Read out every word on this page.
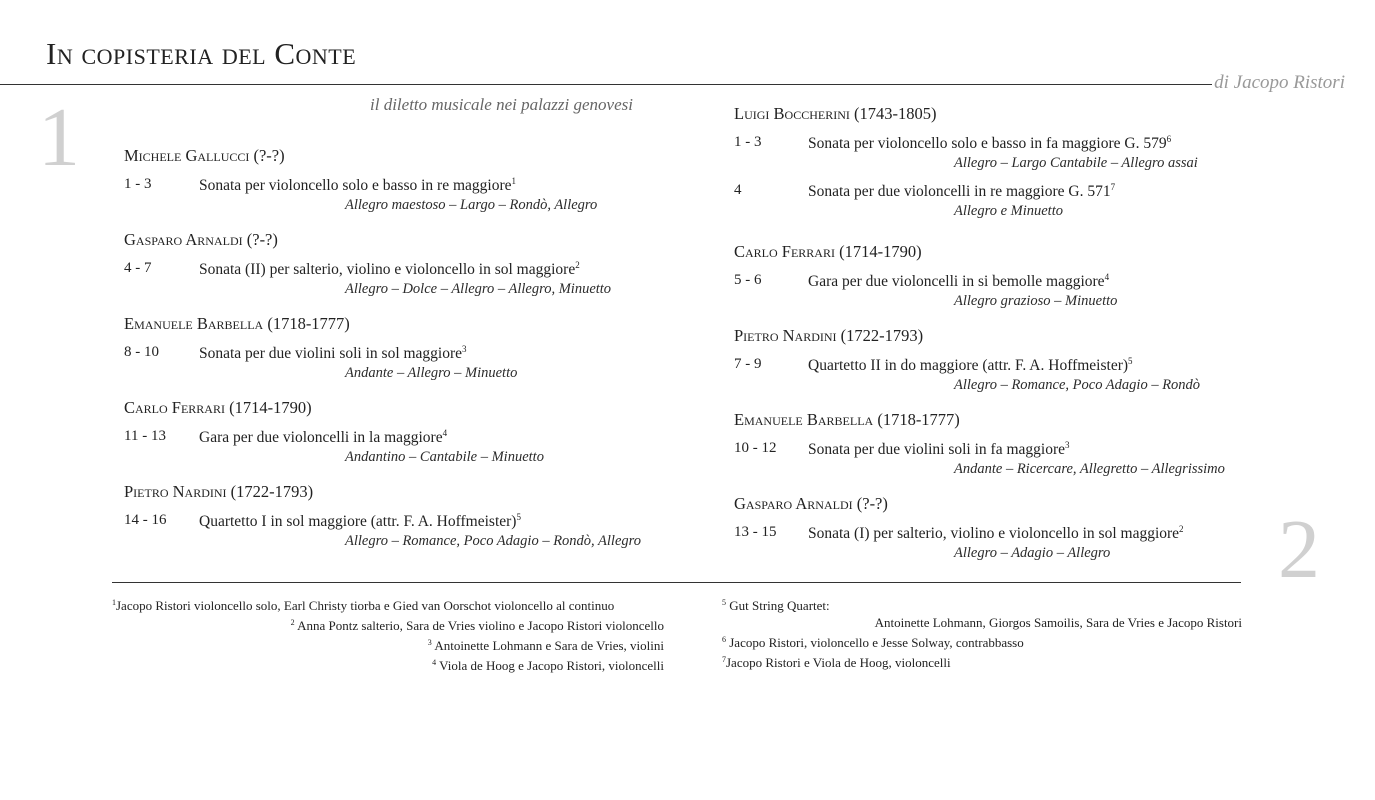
In copisteria del Conte
di Jacopo Ristori
il diletto musicale nei palazzi genovesi
1
2
Michele Gallucci (?-?)
1 - 3	Sonata per violoncello solo e basso in re maggiore$^1$
Allegro maestoso – Largo – Rondò, Allegro
Gasparo Arnaldi (?-?)
4 - 7	Sonata (II) per salterio, violino e violoncello in sol maggiore$^2$
Allegro – Dolce – Allegro – Allegro, Minuetto
Emanuele Barbella (1718-1777)
8 - 10	Sonata per due violini soli in sol maggiore$^3$
Andante – Allegro – Minuetto
Carlo Ferrari (1714-1790)
11 - 13 Gara per due violoncelli in la maggiore$^4$
Andantino – Cantabile – Minuetto
Pietro Nardini (1722-1793)
14 - 16 Quartetto I in sol maggiore (attr. F. A. Hoffmeister)$^5$
Allegro – Romance, Poco Adagio – Rondò, Allegro
Luigi Boccherini (1743-1805)
1 - 3	Sonata per violoncello solo e basso in fa maggiore G. $579^6$
Allegro – Largo Cantabile – Allegro assai
4	Sonata per due violoncelli in re maggiore G. $571^7$
Allegro e Minuetto
Carlo Ferrari (1714-1790)
5 - 6	Gara per due violoncelli in si bemolle maggiore$^4$
Allegro grazioso – Minuetto
Pietro Nardini (1722-1793)
7 - 9	Quartetto II in do maggiore (attr. F. A. Hoffmeister)$^5$
Allegro – Romance, Poco Adagio – Rondò
Emanuele Barbella (1718-1777)
10 - 12 Sonata per due violini soli in fa maggiore$^3$
Andante – Ricercare, Allegretto – Allegrissimo
Gasparo Arnaldi (?-?)
13 - 15 Sonata (I) per salterio, violino e violoncello in sol maggiore$^2$
Allegro – Adagio – Allegro
$^1$Jacopo Ristori violoncello solo, Earl Christy tiorba e Gied van Oorschot violoncello al continuo
$^2$ Anna Pontz salterio, Sara de Vries violino e Jacopo Ristori violoncello
$^3$ Antoinette Lohmann e Sara de Vries, violini
$^4$ Viola de Hoog e Jacopo Ristori, violoncelli
$^5$ Gut String Quartet:
Antoinette Lohmann, Giorgos Samoilis, Sara de Vries e Jacopo Ristori
$^6$ Jacopo Ristori, violoncello e Jesse Solway, contrabbasso
$^7$Jacopo Ristori e Viola de Hoog, violoncelli
